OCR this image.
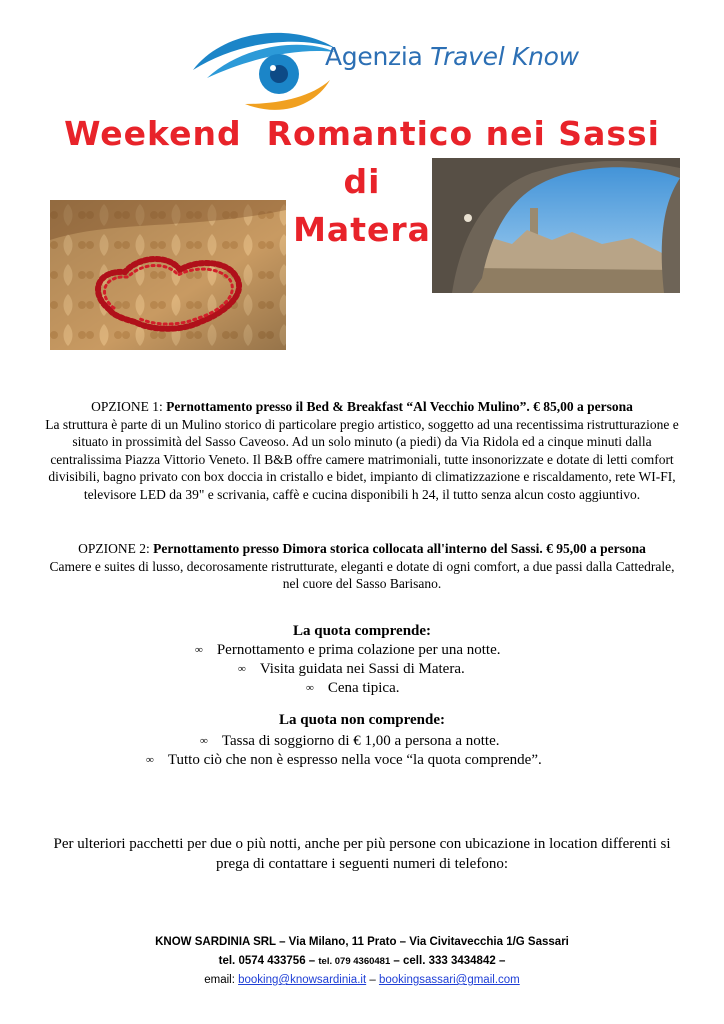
Agenzia Travel Know
Weekend  Romantico nei Sassi di
Matera
OPZIONE 1: Pernottamento presso il Bed & Breakfast “Al Vecchio Mulino”. € 85,00 a persona
La struttura è parte di un Mulino storico di particolare pregio artistico, soggetto ad una recentissima ristrutturazione e situato in prossimità del Sasso Caveoso. Ad un solo minuto (a piedi) da Via Ridola ed a cinque minuti dalla centralissima Piazza Vittorio Veneto. Il B&B offre camere matrimoniali, tutte insonorizzate e dotate di letti comfort divisibili, bagno privato con box doccia in cristallo e bidet, impianto di climatizzazione e riscaldamento, rete WI-FI, televisore LED da 39" e scrivania, caffè e cucina disponibili h 24, il tutto senza alcun costo aggiuntivo.
OPZIONE 2: Pernottamento presso Dimora storica collocata all'interno del Sassi. € 95,00 a persona
Camere e suites di lusso, decorosamente ristrutturate, eleganti e dotate di ogni comfort, a due passi dalla Cattedrale, nel cuore del Sasso Barisano.
La quota comprende:
∞ Pernottamento e prima colazione per una notte.
∞ Visita guidata nei Sassi di Matera.
∞ Cena tipica.
La quota non comprende:
∞ Tassa di soggiorno di € 1,00 a persona a notte.
∞ Tutto ciò che non è espresso nella voce “la quota comprende”.
Per ulteriori pacchetti per due o più notti, anche per più persone con ubicazione in location differenti si prega di contattare i seguenti numeri di telefono:
KNOW SARDINIA SRL – Via Milano, 11 Prato – Via Civitavecchia 1/G Sassari
tel. 0574 433756 – tel. 079 4360481 – cell. 333 3434842 –
email: booking@knowsardinia.it – bookingsassari@gmail.com
